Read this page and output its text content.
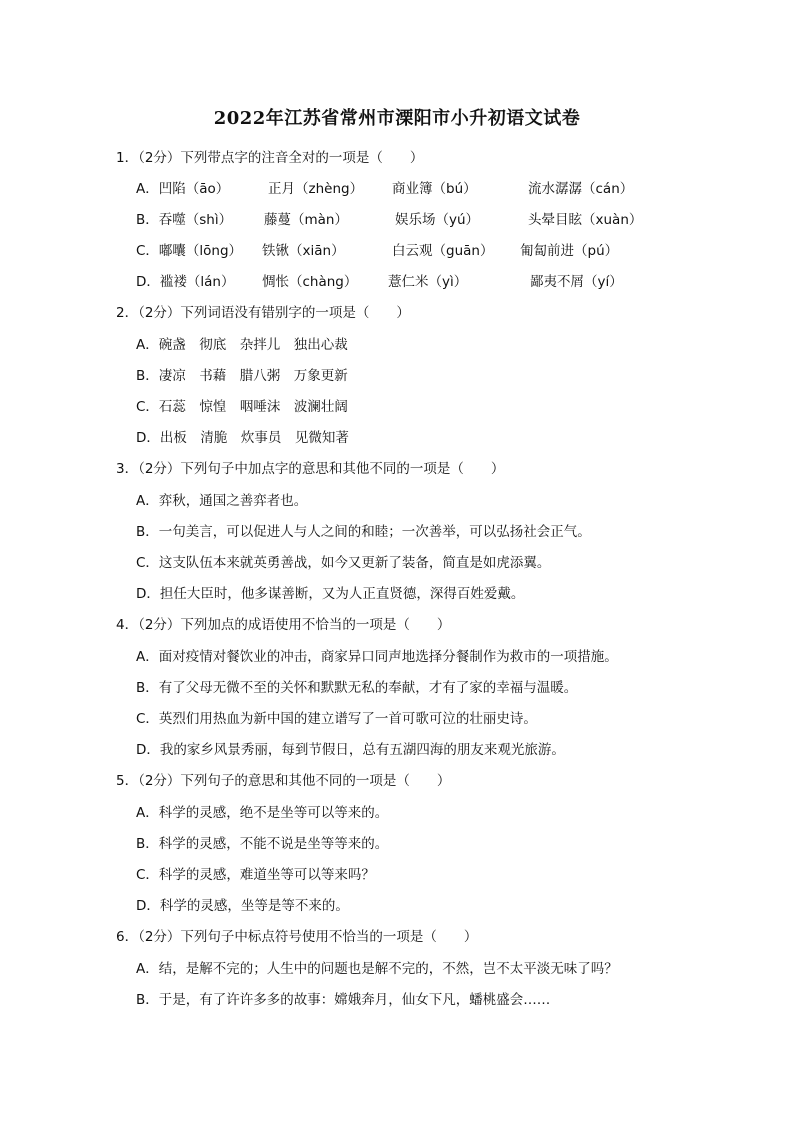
2022年江苏省常州市溧阳市小升初语文试卷
1．（2分）下列带点字的注音全对的一项是（　　）
A．凹陷（āo）	正月（zhèng） 商业簿（bú）	流水潺潺（cán）
B．吞噬（shì） 藤蔓（màn）	娱乐场（yú）	头晕目眩（xuàn）
C．嘟囔（lōng） 铁锹（xiān）	白云观（guān） 匍匐前进（pú）
D．褴褛（lán） 惆怅（chàng） 薏仁米（yì）	鄙夷不屑（yí）
2．（2分）下列词语没有错别字的一项是（　　）
A．碗盏　彻底　杂拌儿　独出心裁
B．凄凉　书藉　腊八粥　万象更新
C．石蕊　惊惶　咽唾沫　波澜壮阔
D．出板　清脆　炊事员　见微知著
3．（2分）下列句子中加点字的意思和其他不同的一项是（　　）
A．弈秋，通国之善弈者也。
B．一句美言，可以促进人与人之间的和睦；一次善举，可以弘扬社会正气。
C．这支队伍本来就英勇善战，如今又更新了装备，简直是如虎添翼。
D．担任大臣时，他多谋善断，又为人正直贤德，深得百姓爱戴。
4．（2分）下列加点的成语使用不恰当的一项是（　　）
A．面对疫情对餐饮业的冲击，商家异口同声地选择分餐制作为救市的一项措施。
B．有了父母无微不至的关怀和默默无私的奉献，才有了家的幸福与温暖。
C．英烈们用热血为新中国的建立谱写了一首可歌可泣的壮丽史诗。
D．我的家乡风景秀丽，每到节假日，总有五湖四海的朋友来观光旅游。
5．（2分）下列句子的意思和其他不同的一项是（　　）
A．科学的灵感，绝不是坐等可以等来的。
B．科学的灵感，不能不说是坐等等来的。
C．科学的灵感，难道坐等可以等来吗？
D．科学的灵感，坐等是等不来的。
6．（2分）下列句子中标点符号使用不恰当的一项是（　　）
A．结，是解不完的；人生中的问题也是解不完的，不然，岂不太平淡无味了吗？
B．于是，有了许许多多的故事：嫦娥奔月，仙女下凡，蟠桃盛会……
